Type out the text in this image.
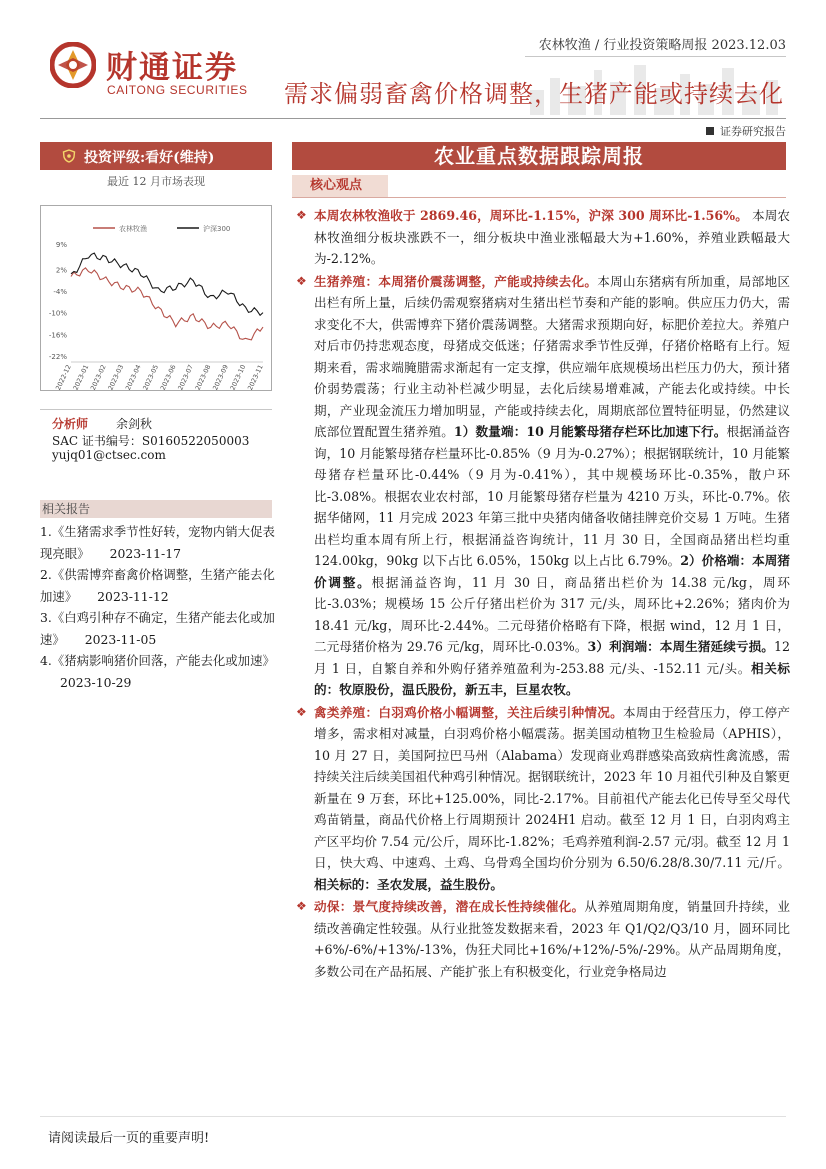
财通证券
CAITONG SECURITIES
农林牧渔 / 行业投资策略周报 2023.12.03
需求偏弱畜禽价格调整，生猪产能或持续去化
证券研究报告
投资评级:看好(维持)
最近 12 月市场表现
农林牧渔	沪深300
9%
2%
-4%
-10%
-16%
-22%
2022-12
2023-01
2023-02
2023-03
2023-04
2023-05
2023-06
2023-07
2023-08
2023-09
2023-10
2023-11
分析师 余剑秋
SAC 证书编号：S0160522050003
yujq01@ctsec.com
相关报告
1.《生猪需求季节性好转，宠物内销大促表现亮眼》 2023-11-17
2.《供需博弈畜禽价格调整，生猪产能去化加速》 2023-11-12
3.《白鸡引种存不确定，生猪产能去化或加速》 2023-11-05
4.《猪病影响猪价回落，产能去化或加速》2023-10-29
农业重点数据跟踪周报
核心观点
❖ 本周农林牧渔收于 2869.46，周环比-1.15%，沪深 300 周环比-1.56%。 本周农林牧渔细分板块涨跌不一，细分板块中渔业涨幅最大为+1.60%，养殖业跌幅最大为-2.12%。
❖ 生猪养殖：本周猪价震荡调整，产能或持续去化。本周山东猪病有所加重，局部地区出栏有所上量，后续仍需观察猪病对生猪出栏节奏和产能的影响。供应压力仍大，需求变化不大，供需博弈下猪价震荡调整。大猪需求预期向好，标肥价差拉大。养殖户对后市仍持悲观态度，母猪成交低迷；仔猪需求季节性反弹，仔猪价格略有上行。短期来看，需求端腌腊需求渐起有一定支撑，供应端年底规模场出栏压力仍大，预计猪价弱势震荡；行业主动补栏减少明显，去化后续易增难减，产能去化或持续。中长期，产业现金流压力增加明显，产能或持续去化，周期底部位置特征明显，仍然建议底部位置配置生猪养殖。1）数量端：10 月能繁母猪存栏环比加速下行。根据涌益咨询，10 月能繁母猪存栏量环比-0.85%（9 月为-0.27%）；根据钢联统计，10 月能繁母猪存栏量环比-0.44%（9 月为-0.41%），其中规模场环比-0.35%，散户环比-3.08%。根据农业农村部，10 月能繁母猪存栏量为 4210 万头，环比-0.7%。依据华储网，11 月完成 2023 年第三批中央猪肉储备收储挂牌竞价交易 1 万吨。生猪出栏均重本周有所上行，根据涌益咨询统计，11 月 30 日，全国商品猪出栏均重 124.00kg，90kg 以下占比 6.05%，150kg 以上占比 6.79%。2）价格端：本周猪价调整。根据涌益咨询，11 月 30 日，商品猪出栏价为 14.38 元/kg，周环比-3.03%；规模场 15 公斤仔猪出栏价为 317 元/头，周环比+2.26%；猪肉价为 18.41 元/kg，周环比-2.44%。二元母猪价格略有下降，根据 wind，12 月 1 日，二元母猪价格为 29.76 元/kg，周环比-0.03%。3）利润端：本周生猪延续亏损。12 月 1 日，自繁自养和外购仔猪养殖盈利为-253.88 元/头、-152.11 元/头。相关标的：牧原股份，温氏股份，新五丰，巨星农牧。
❖ 禽类养殖：白羽鸡价格小幅调整，关注后续引种情况。本周由于经营压力，停工停产增多，需求相对减量，白羽鸡价格小幅震荡。据美国动植物卫生检验局（APHIS），10 月 27 日，美国阿拉巴马州（Alabama）发现商业鸡群感染高致病性禽流感，需持续关注后续美国祖代种鸡引种情况。据钢联统计，2023 年 10 月祖代引种及自繁更新量在 9 万套，环比+125.00%，同比-2.17%。目前祖代产能去化已传导至父母代鸡苗销量，商品代价格上行周期预计 2024H1 启动。截至 12 月 1 日，白羽肉鸡主产区平均价 7.54 元/公斤，周环比-1.82%；毛鸡养殖利润-2.57 元/羽。截至 12 月 1 日，快大鸡、中速鸡、土鸡、乌骨鸡全国均价分别为 6.50/6.28/8.30/7.11 元/斤。相关标的：圣农发展，益生股份。
❖ 动保：景气度持续改善，潜在成长性持续催化。从养殖周期角度，销量回升持续，业绩改善确定性较强。从行业批签发数据来看，2023 年 Q1/Q2/Q3/10 月，圆环同比+6%/-6%/+13%/-13%，伪狂犬同比+16%/+12%/-5%/-29%。从产品周期角度，多数公司在产品拓展、产能扩张上有积极变化，行业竞争格局边
请阅读最后一页的重要声明!
